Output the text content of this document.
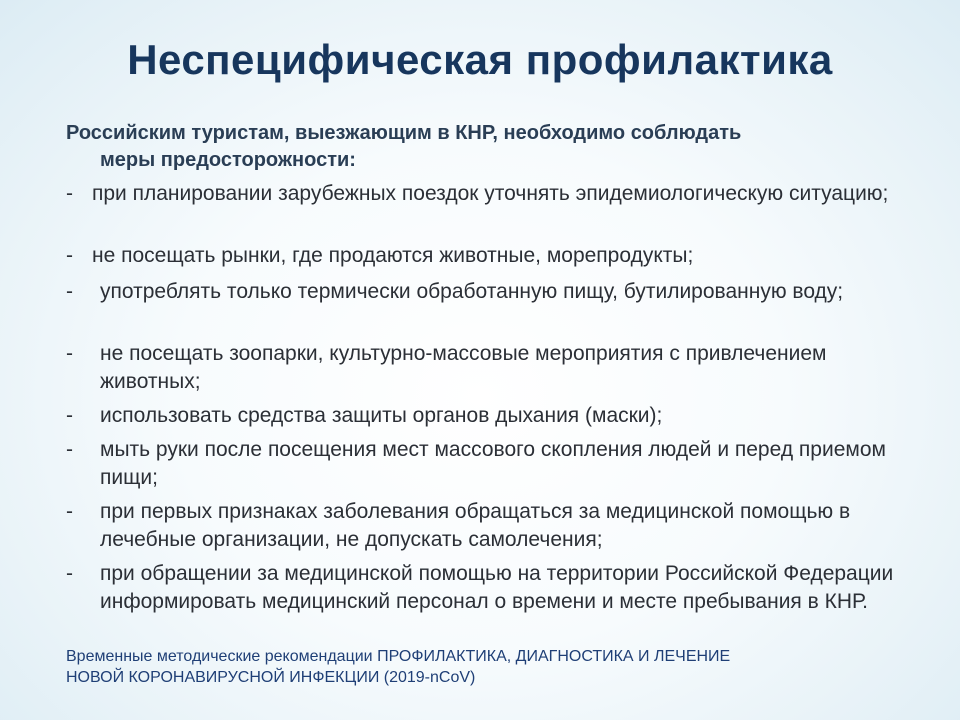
Неспецифическая профилактика
Российским туристам, выезжающим в КНР, необходимо соблюдать
меры предосторожности:
- при планировании зарубежных поездок уточнять эпидемиологическую ситуацию;
- не посещать рынки, где продаются животные, морепродукты;
-	употреблять только термически обработанную пищу, бутилированную воду;
-	не посещать зоопарки, культурно-массовые мероприятия с привлечением животных;
-	использовать средства защиты органов дыхания (маски);
-	мыть руки после посещения мест массового скопления людей и перед приемом пищи;
-	при первых признаках заболевания обращаться за медицинской помощью в лечебные организации, не допускать самолечения;
-	при обращении за медицинской помощью на территории Российской Федерации информировать медицинский персонал о времени и месте пребывания в КНР.
Временные методические рекомендации ПРОФИЛАКТИКА, ДИАГНОСТИКА И ЛЕЧЕНИЕ
НОВОЙ КОРОНАВИРУСНОЙ ИНФЕКЦИИ (2019-nCoV)
